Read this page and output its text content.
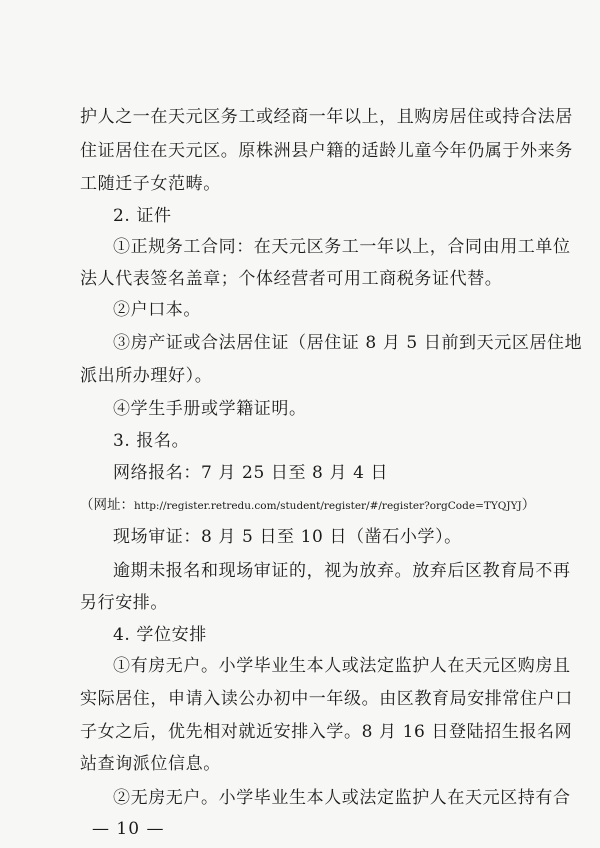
护人之一在天元区务工或经商一年以上，且购房居住或持合法居
住证居住在天元区。原株洲县户籍的适龄儿童今年仍属于外来务
工随迁子女范畴。
2. 证件
①正规务工合同：在天元区务工一年以上，合同由用工单位
法人代表签名盖章；个体经营者可用工商税务证代替。
②户口本。
③房产证或合法居住证（居住证 8 月 5 日前到天元区居住地
派出所办理好）。
④学生手册或学籍证明。
3. 报名。
网络报名：7 月 25 日至 8 月 4 日
（网址：http://register.retredu.com/student/register/#/register?orgCode=TYQJYJ）
现场审证：8 月 5 日至 10 日（凿石小学）。
逾期未报名和现场审证的，视为放弃。放弃后区教育局不再
另行安排。
4. 学位安排
①有房无户。小学毕业生本人或法定监护人在天元区购房且
实际居住，申请入读公办初中一年级。由区教育局安排常住户口
子女之后，优先相对就近安排入学。8 月 16 日登陆招生报名网
站查询派位信息。
②无房无户。小学毕业生本人或法定监护人在天元区持有合
— 10 —
